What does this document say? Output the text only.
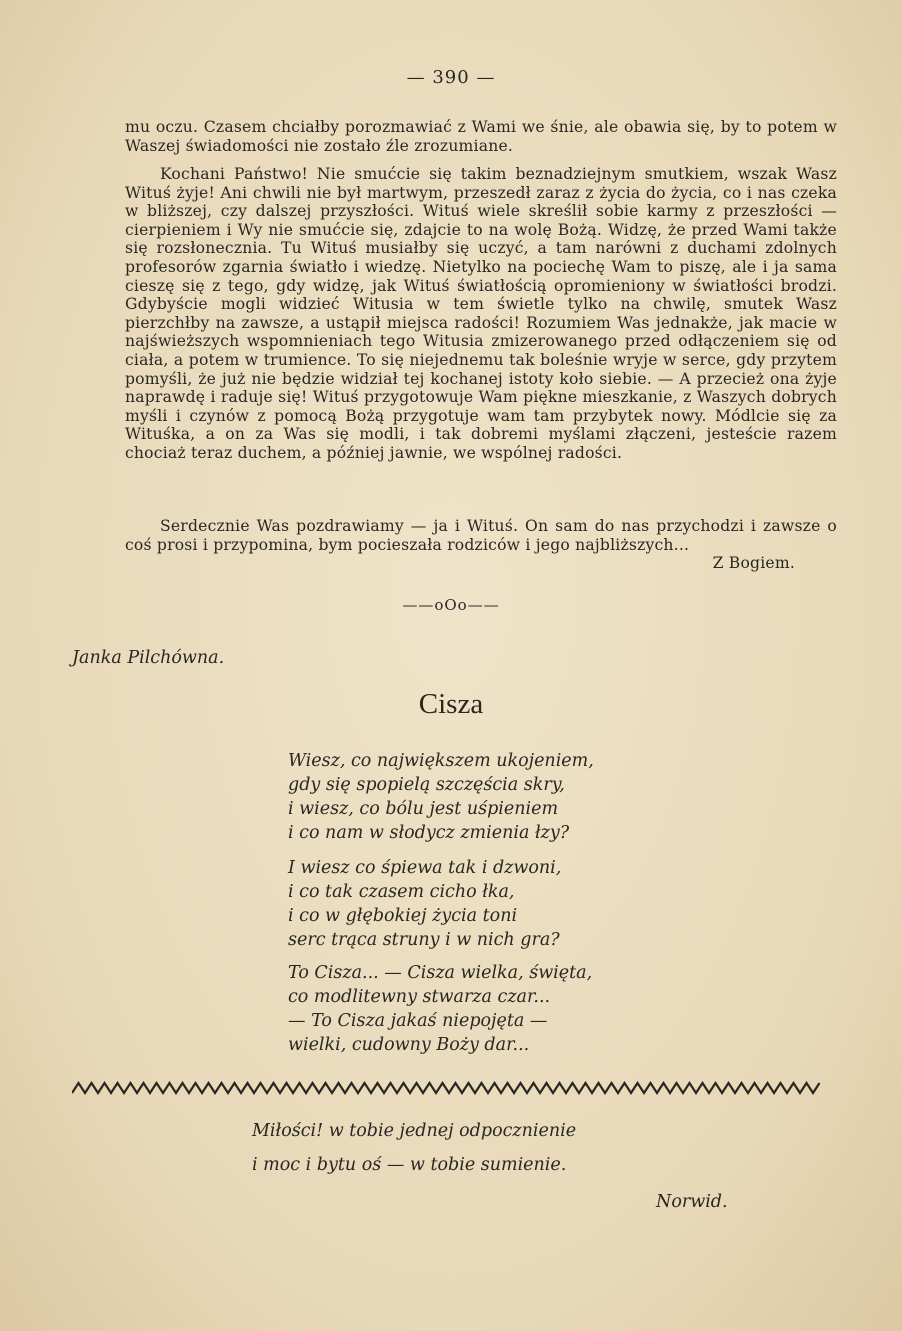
— 390 —

mu oczu. Czasem chciałby porozmawiać z Wami we śnie, ale obawia się, by to potem w Waszej świadomości nie zostało źle zrozumiane.

Kochani Państwo! Nie smućcie się takim beznadziejnym smutkiem, wszak Wasz Wituś żyje! Ani chwili nie był martwym, przeszedł zaraz z życia do życia, co i nas czeka w bliższej, czy dalszej przyszłości. Wituś wiele skreślił sobie karmy z przeszłości — cierpieniem i Wy nie smućcie się, zdajcie to na wolę Bożą. Widzę, że przed Wami także się rozsłonecznia. Tu Wituś musiałby się uczyć, a tam narówni z duchami zdolnych profesorów zgarnia światło i wiedzę. Nietylko na pociechę Wam to piszę, ale i ja sama cieszę się z tego, gdy widzę, jak Wituś światłością opromieniony w światłości brodzi. Gdybyście mogli widzieć Witusia w tem świetle tylko na chwilę, smutek Wasz pierzchłby na zawsze, a ustąpił miejsca radości! Rozumiem Was jednakże, jak macie w najświeższych wspomnieniach tego Witusia zmizerowanego przed odłączeniem się od ciała, a potem w trumience. To się niejednemu tak boleśnie wryje w serce, gdy przytem pomyśli, że już nie będzie widział tej kochanej istoty koło siebie. — A przecież ona żyje naprawdę i raduje się! Wituś przygotowuje Wam piękne mieszkanie, z Waszych dobrych myśli i czynów z pomocą Bożą przygotuje wam tam przybytek nowy. Módlcie się za Wituśka, a on za Was się modli, i tak dobremi myślami złączeni, jesteście razem chociaż teraz duchem, a później jawnie, we wspólnej radości.

Serdecznie Was pozdrawiamy — ja i Wituś. On sam do nas przychodzi i zawsze o coś prosi i przypomina, bym pocieszała rodziców i jego najbliższych...
Z Bogiem.

——oOo——
Janka Pilchówna.
Cisza

Wiesz, co największem ukojeniem,
gdy się spopielą szczęścia skry,
i wiesz, co bólu jest uśpieniem
i co nam w słodycz zmienia łzy?

I wiesz co śpiewa tak i dzwoni,
i co tak czasem cicho łka,
i co w głębokiej życia toni
serc trąca struny i w nich gra?

To Cisza... — Cisza wielka, święta,
co modlitewny stwarza czar...
— To Cisza jakaś niepojęta —
wielki, cudowny Boży dar...

Miłości! w tobie jednej odpocznienie
i moc i bytu oś — w tobie sumienie.
Norwid.
